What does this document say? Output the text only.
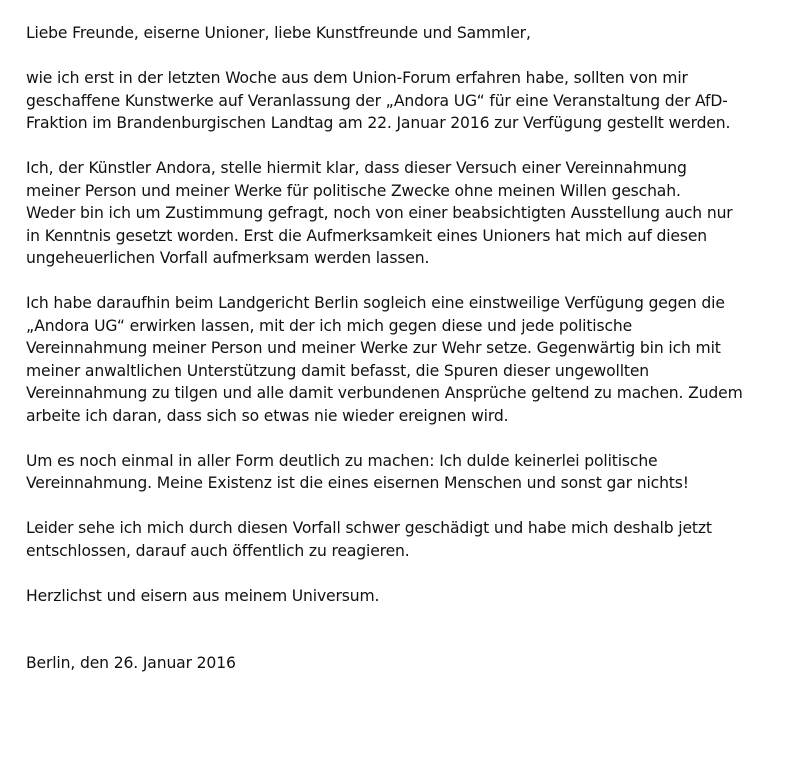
Liebe Freunde, eiserne Unioner, liebe Kunstfreunde und Sammler,
wie ich erst in der letzten Woche aus dem Union-Forum erfahren habe, sollten von mir
geschaffene Kunstwerke auf Veranlassung der „Andora UG“ für eine Veranstaltung der AfD-
Fraktion im Brandenburgischen Landtag am 22. Januar 2016 zur Verfügung gestellt werden.
Ich, der Künstler Andora, stelle hiermit klar, dass dieser Versuch einer Vereinnahmung
meiner Person und meiner Werke für politische Zwecke ohne meinen Willen geschah.
Weder bin ich um Zustimmung gefragt, noch von einer beabsichtigten Ausstellung auch nur
in Kenntnis gesetzt worden. Erst die Aufmerksamkeit eines Unioners hat mich auf diesen
ungeheuerlichen Vorfall aufmerksam werden lassen.
Ich habe daraufhin beim Landgericht Berlin sogleich eine einstweilige Verfügung gegen die
„Andora UG“ erwirken lassen, mit der ich mich gegen diese und jede politische
Vereinnahmung meiner Person und meiner Werke zur Wehr setze. Gegenwärtig bin ich mit
meiner anwaltlichen Unterstützung damit befasst, die Spuren dieser ungewollten
Vereinnahmung zu tilgen und alle damit verbundenen Ansprüche geltend zu machen. Zudem
arbeite ich daran, dass sich so etwas nie wieder ereignen wird.
Um es noch einmal in aller Form deutlich zu machen: Ich dulde keinerlei politische
Vereinnahmung. Meine Existenz ist die eines eisernen Menschen und sonst gar nichts!
Leider sehe ich mich durch diesen Vorfall schwer geschädigt und habe mich deshalb jetzt
entschlossen, darauf auch öffentlich zu reagieren.
Herzlichst und eisern aus meinem Universum.
Berlin, den 26. Januar 2016
